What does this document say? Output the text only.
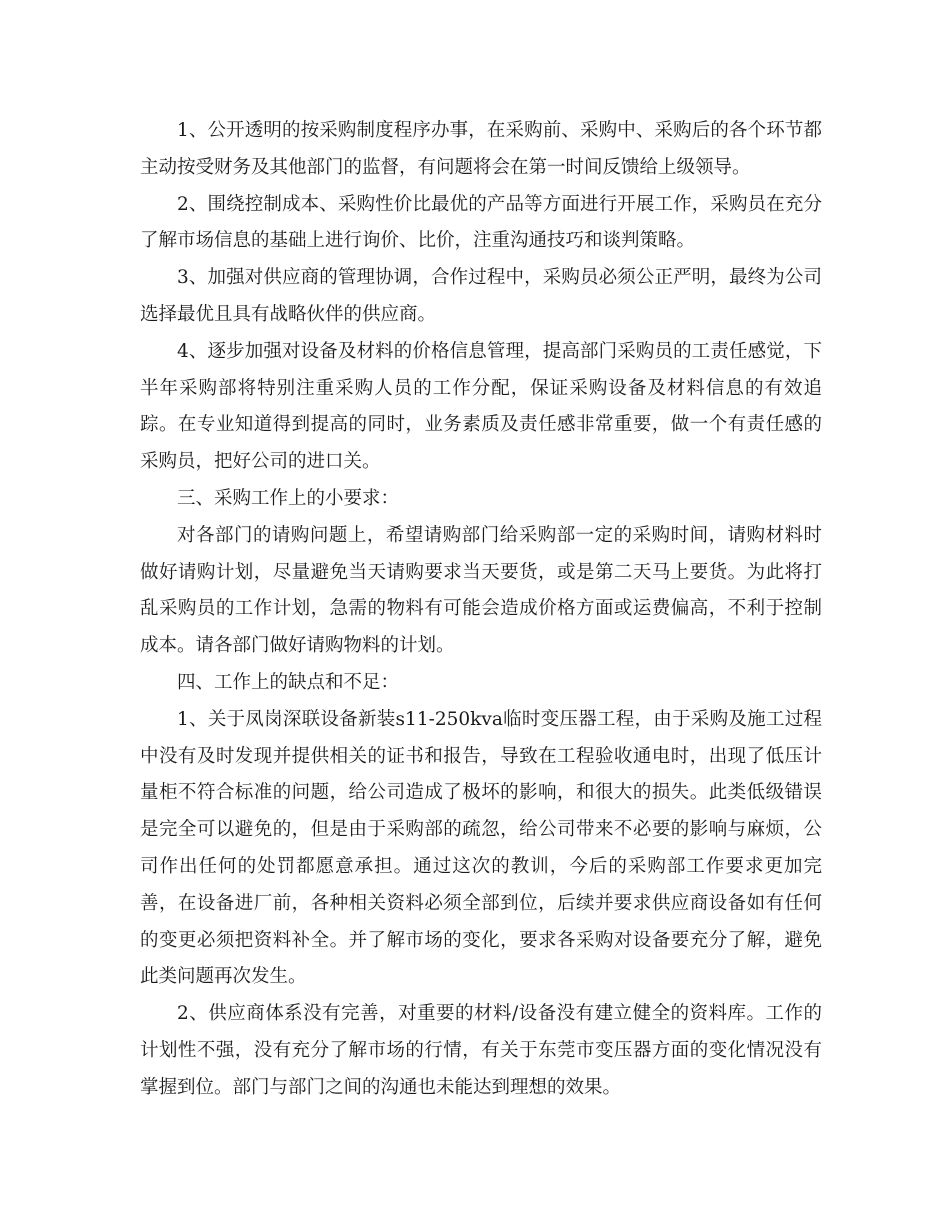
1、公开透明的按采购制度程序办事，在采购前、采购中、采购后的各个环节都主动按受财务及其他部门的监督，有问题将会在第一时间反馈给上级领导。

2、围绕控制成本、采购性价比最优的产品等方面进行开展工作，采购员在充分了解市场信息的基础上进行询价、比价，注重沟通技巧和谈判策略。

3、加强对供应商的管理协调，合作过程中，采购员必须公正严明，最终为公司选择最优且具有战略伙伴的供应商。

4、逐步加强对设备及材料的价格信息管理，提高部门采购员的工责任感觉，下半年采购部将特别注重采购人员的工作分配，保证采购设备及材料信息的有效追踪。在专业知道得到提高的同时，业务素质及责任感非常重要，做一个有责任感的采购员，把好公司的进口关。

三、采购工作上的小要求：

对各部门的请购问题上，希望请购部门给采购部一定的采购时间，请购材料时做好请购计划，尽量避免当天请购要求当天要货，或是第二天马上要货。为此将打乱采购员的工作计划，急需的物料有可能会造成价格方面或运费偏高，不利于控制成本。请各部门做好请购物料的计划。

四、工作上的缺点和不足：

1、关于凤岗深联设备新装s11-250kva临时变压器工程，由于采购及施工过程中没有及时发现并提供相关的证书和报告，导致在工程验收通电时，出现了低压计量柜不符合标准的问题，给公司造成了极坏的影响，和很大的损失。此类低级错误是完全可以避免的，但是由于采购部的疏忽，给公司带来不必要的影响与麻烦，公司作出任何的处罚都愿意承担。通过这次的教训，今后的采购部工作要求更加完善，在设备进厂前，各种相关资料必须全部到位，后续并要求供应商设备如有任何的变更必须把资料补全。并了解市场的变化，要求各采购对设备要充分了解，避免此类问题再次发生。

2、供应商体系没有完善，对重要的材料/设备没有建立健全的资料库。工作的计划性不强，没有充分了解市场的行情，有关于东莞市变压器方面的变化情况没有掌握到位。部门与部门之间的沟通也未能达到理想的效果。
